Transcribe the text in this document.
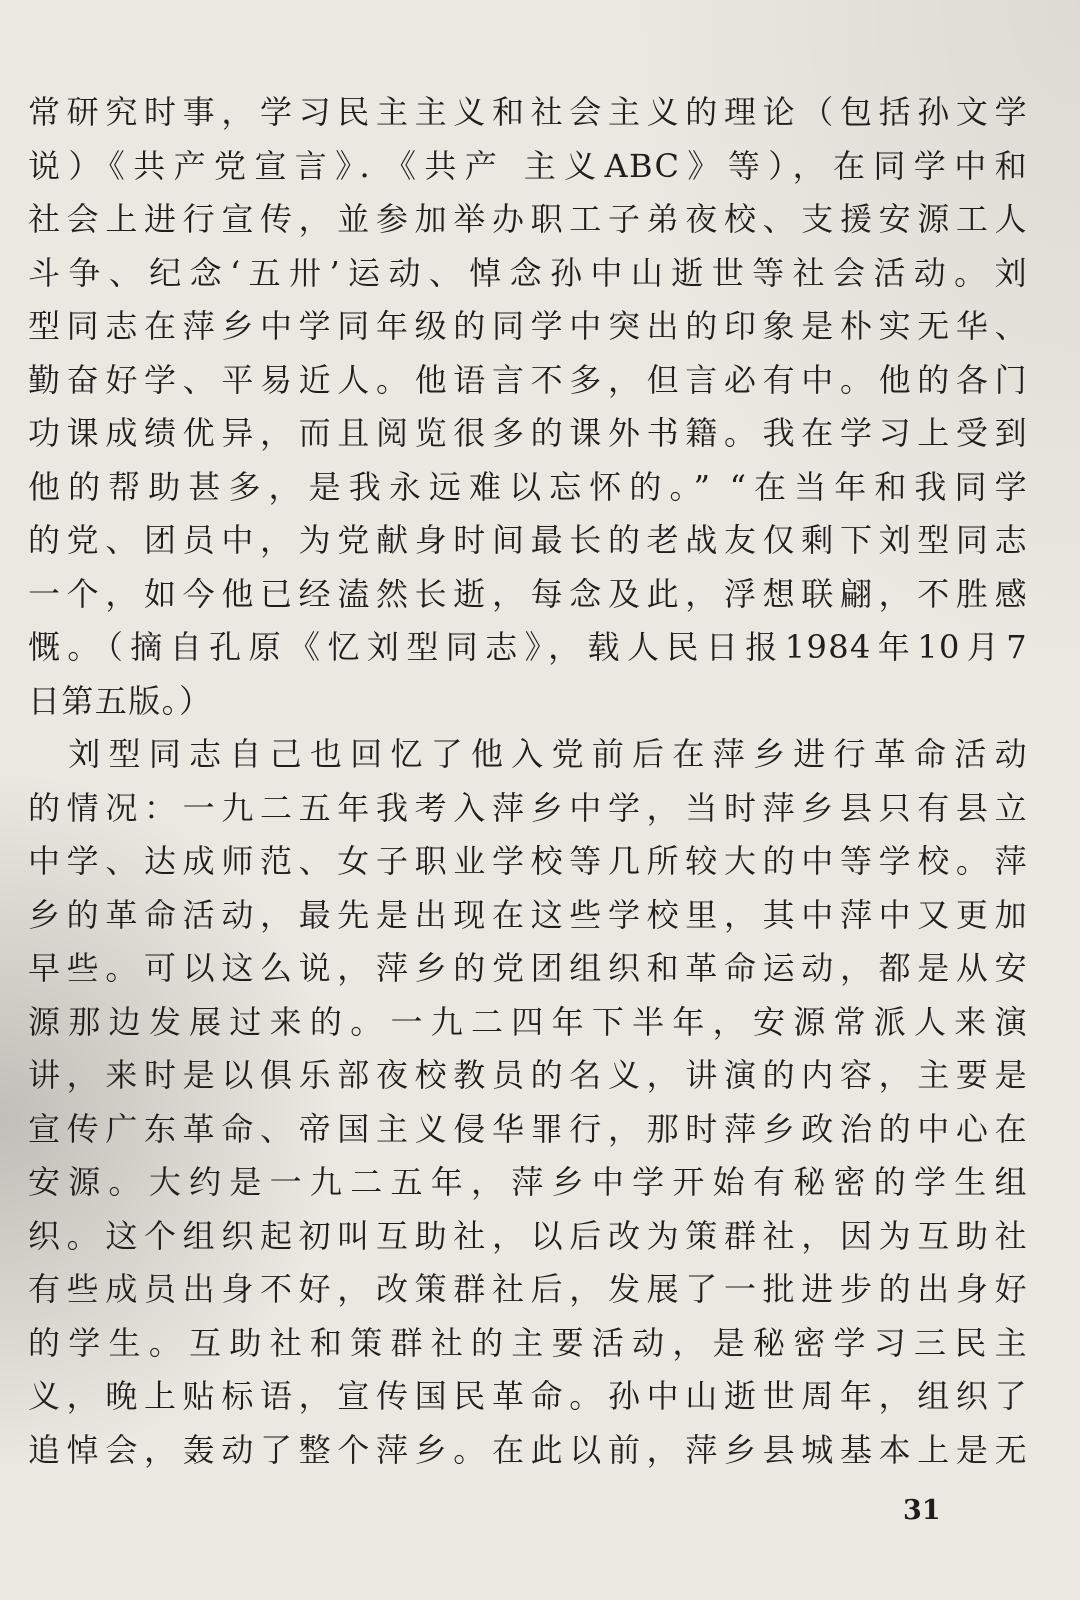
常研究时事，学习民主主义和社会主义的理论（包括孙文学
说）《共产党宣言》．《共产 主义ABC》等），在同学中和
社会上进行宣传，並参加举办职工子弟夜校、支援安源工人
斗争、纪念‘五卅’运动、悼念孙中山逝世等社会活动。刘
型同志在萍乡中学同年级的同学中突出的印象是朴实无华、
勤奋好学、平易近人。他语言不多，但言必有中。他的各门
功课成绩优异，而且阅览很多的课外书籍。我在学习上受到
他的帮助甚多，是我永远难以忘怀的。” “在当年和我同学
的党、团员中，为党献身时间最长的老战友仅剩下刘型同志
一个，如今他已经溘然长逝，每念及此，浮想联翩，不胜感
慨。（摘自孔原《忆刘型同志》，载人民日报1984年10月7
日第五版。）
　刘型同志自己也回忆了他入党前后在萍乡进行革命活动
的情况：一九二五年我考入萍乡中学，当时萍乡县只有县立
中学、达成师范、女子职业学校等几所较大的中等学校。萍
乡的革命活动，最先是出现在这些学校里，其中萍中又更加
早些。可以这么说，萍乡的党团组织和革命运动，都是从安
源那边发展过来的。一九二四年下半年，安源常派人来演
讲，来时是以俱乐部夜校教员的名义，讲演的内容，主要是
宣传广东革命、帝国主义侵华罪行，那时萍乡政治的中心在
安源。大约是一九二五年，萍乡中学开始有秘密的学生组
织。这个组织起初叫互助社，以后改为策群社，因为互助社
有些成员出身不好，改策群社后，发展了一批进步的出身好
的学生。互助社和策群社的主要活动，是秘密学习三民主
义，晚上贴标语，宣传国民革命。孙中山逝世周年，组织了
追悼会，轰动了整个萍乡。在此以前，萍乡县城基本上是无
31
